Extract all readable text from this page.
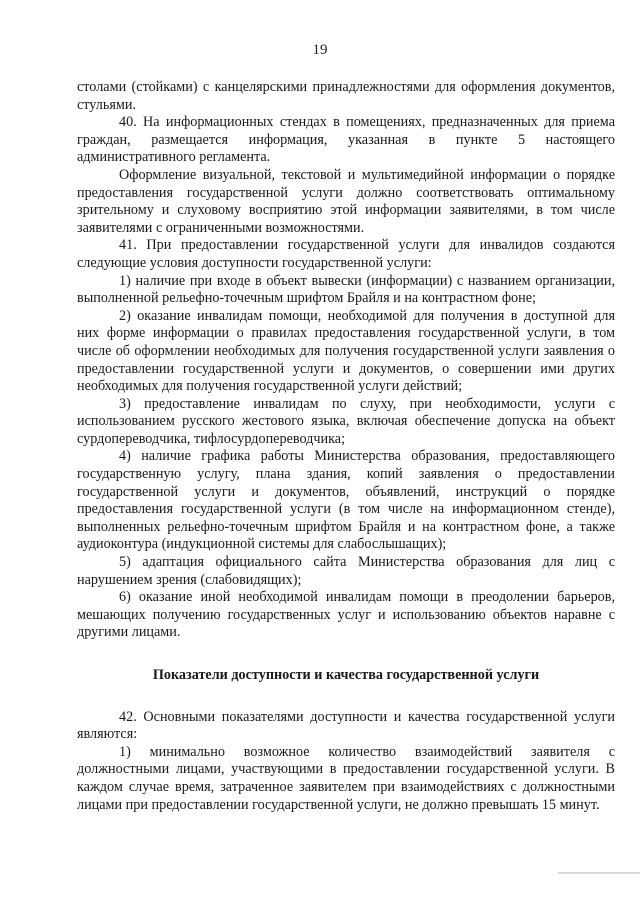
19

столами (стойками) с канцелярскими принадлежностями для оформления документов, стульями.

40. На информационных стендах в помещениях, предназначенных для приема граждан, размещается информация, указанная в пункте 5 настоящего административного регламента.

Оформление визуальной, текстовой и мультимедийной информации о порядке предоставления государственной услуги должно соответствовать оптимальному зрительному и слуховому восприятию этой информации заявителями, в том числе заявителями с ограниченными возможностями.

41. При предоставлении государственной услуги для инвалидов создаются следующие условия доступности государственной услуги:

1) наличие при входе в объект вывески (информации) с названием организации, выполненной рельефно-точечным шрифтом Брайля и на контрастном фоне;

2) оказание инвалидам помощи, необходимой для получения в доступной для них форме информации о правилах предоставления государственной услуги, в том числе об оформлении необходимых для получения государственной услуги заявления о предоставлении государственной услуги и документов, о совершении ими других необходимых для получения государственной услуги действий;

3) предоставление инвалидам по слуху, при необходимости, услуги с использованием русского жестового языка, включая обеспечение допуска на объект сурдопереводчика, тифлосурдопереводчика;

4) наличие графика работы Министерства образования, предоставляющего государственную услугу, плана здания, копий заявления о предоставлении государственной услуги и документов, объявлений, инструкций о порядке предоставления государственной услуги (в том числе на информационном стенде), выполненных рельефно-точечным шрифтом Брайля и на контрастном фоне, а также аудиоконтура (индукционной системы для слабослышащих);

5) адаптация официального сайта Министерства образования для лиц с нарушением зрения (слабовидящих);

6) оказание иной необходимой инвалидам помощи в преодолении барьеров, мешающих получению государственных услуг и использованию объектов наравне с другими лицами.

Показатели доступности и качества государственной услуги

42. Основными показателями доступности и качества государственной услуги являются:

1) минимально возможное количество взаимодействий заявителя с должностными лицами, участвующими в предоставлении государственной услуги. В каждом случае время, затраченное заявителем при взаимодействиях с должностными лицами при предоставлении государственной услуги, не должно превышать 15 минут.
